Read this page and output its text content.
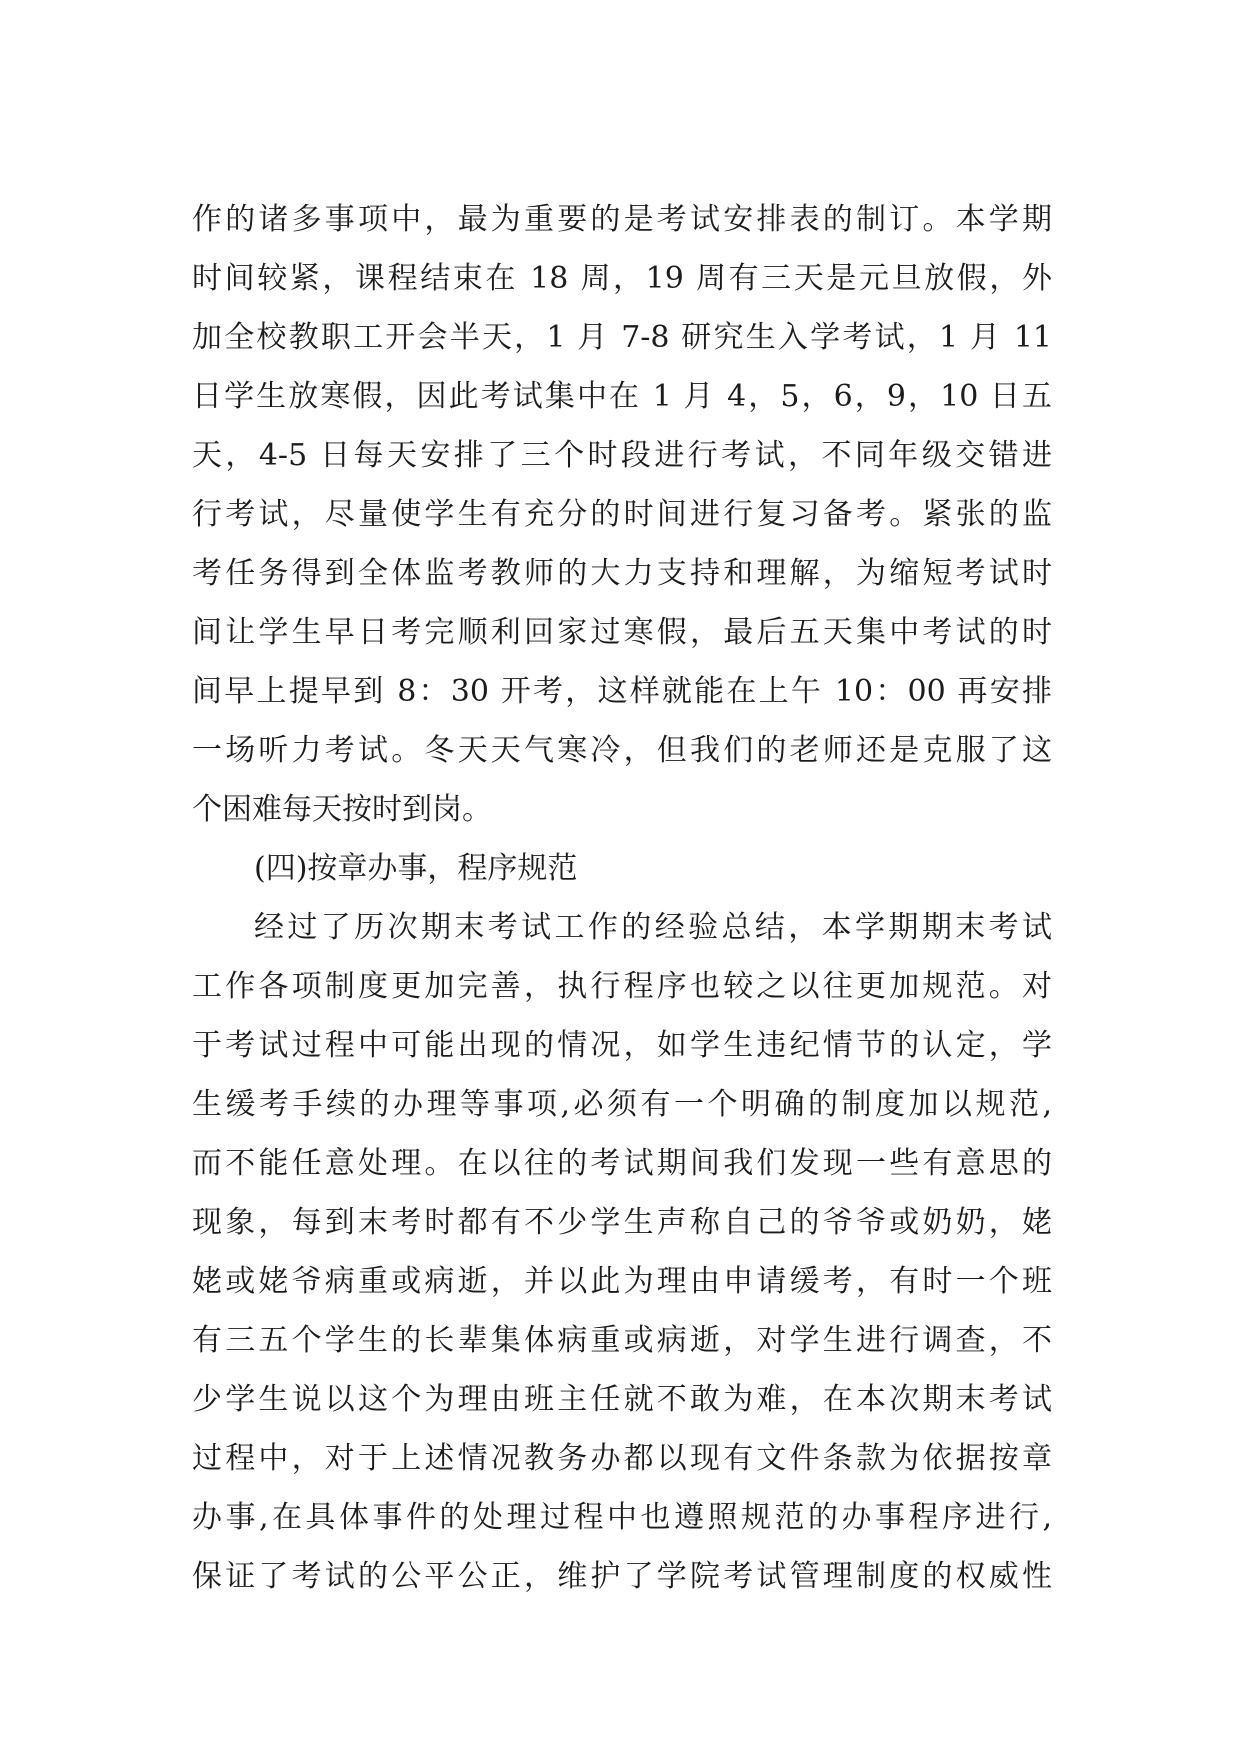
作的诸多事项中，最为重要的是考试安排表的制订。本学期
时间较紧，课程结束在 18 周，19 周有三天是元旦放假，外
加全校教职工开会半天，1 月 7-8 研究生入学考试，1 月 11
日学生放寒假，因此考试集中在 1 月 4，5，6，9，10 日五
天，4-5 日每天安排了三个时段进行考试，不同年级交错进
行考试，尽量使学生有充分的时间进行复习备考。紧张的监
考任务得到全体监考教师的大力支持和理解，为缩短考试时
间让学生早日考完顺利回家过寒假，最后五天集中考试的时
间早上提早到 8：30 开考，这样就能在上午 10：00 再安排
一场听力考试。冬天天气寒冷，但我们的老师还是克服了这
个困难每天按时到岗。
(四)按章办事，程序规范
经过了历次期末考试工作的经验总结，本学期期末考试
工作各项制度更加完善，执行程序也较之以往更加规范。对
于考试过程中可能出现的情况，如学生违纪情节的认定，学
生缓考手续的办理等事项,必须有一个明确的制度加以规范,
而不能任意处理。在以往的考试期间我们发现一些有意思的
现象，每到末考时都有不少学生声称自己的爷爷或奶奶，姥
姥或姥爷病重或病逝，并以此为理由申请缓考，有时一个班
有三五个学生的长辈集体病重或病逝，对学生进行调查，不
少学生说以这个为理由班主任就不敢为难，在本次期末考试
过程中，对于上述情况教务办都以现有文件条款为依据按章
办事,在具体事件的处理过程中也遵照规范的办事程序进行,
保证了考试的公平公正，维护了学院考试管理制度的权威性
